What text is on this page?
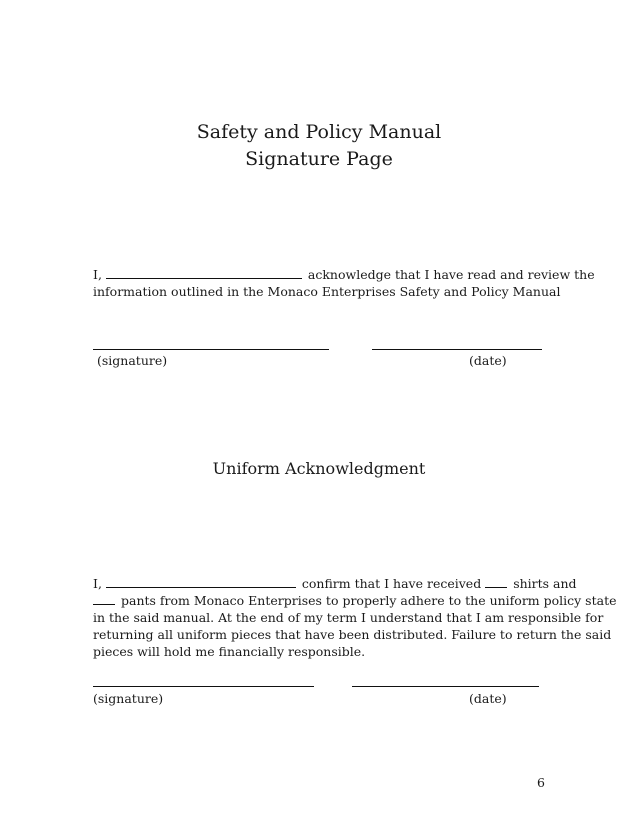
Safety and Policy Manual
Signature Page
I,	acknowledge that I have read and review the
information outlined in the Monaco Enterprises Safety and Policy Manual
(signature)	(date)
Uniform Acknowledgment
I,	confirm that I have received	shirts and
pants from Monaco Enterprises to properly adhere to the uniform policy state
in the said manual. At the end of my term I understand that I am responsible for
returning all uniform pieces that have been distributed. Failure to return the said
pieces will hold me financially responsible.
(signature)	(date)
6
